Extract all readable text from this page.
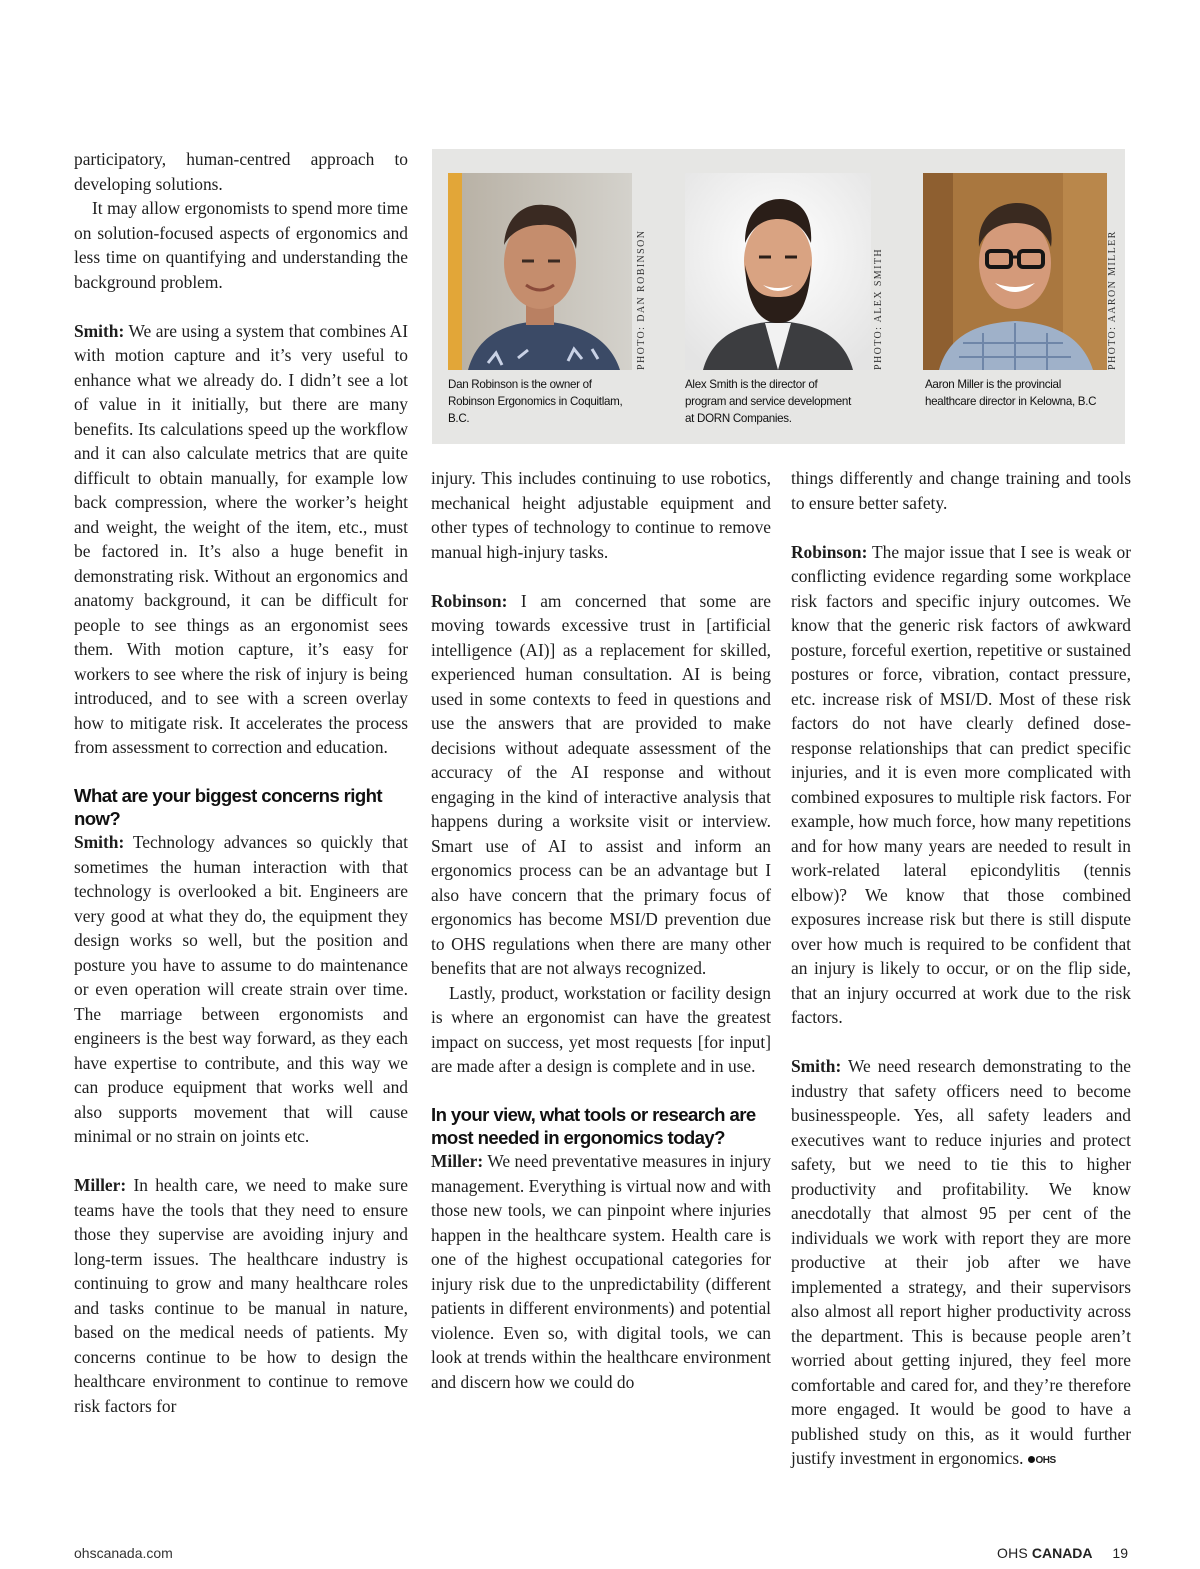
participatory, human-centred approach to developing solutions.

It may allow ergonomists to spend more time on solution-focused aspects of ergonomics and less time on quantifying and understanding the background problem.

Smith: We are using a system that combines AI with motion capture and it’s very useful to enhance what we already do. I didn’t see a lot of value in it initially, but there are many benefits. Its calculations speed up the workflow and it can also calculate metrics that are quite difficult to obtain manually, for example low back compression, where the worker’s height and weight, the weight of the item, etc., must be factored in. It’s also a huge benefit in demonstrating risk. Without an ergonomics and anatomy background, it can be difficult for people to see things as an ergonomist sees them. With motion capture, it’s easy for workers to see where the risk of injury is being introduced, and to see with a screen overlay how to mitigate risk. It accelerates the process from assessment to correction and education.

What are your biggest concerns right now?

Smith: Technology advances so quickly that sometimes the human interaction with that technology is overlooked a bit. Engineers are very good at what they do, the equipment they design works so well, but the position and posture you have to assume to do maintenance or even operation will create strain over time. The marriage between ergonomists and engineers is the best way forward, as they each have expertise to contribute, and this way we can produce equipment that works well and also supports movement that will cause minimal or no strain on joints etc.

Miller: In health care, we need to make sure teams have the tools that they need to ensure those they supervise are avoiding injury and long-term issues. The healthcare industry is continuing to grow and many healthcare roles and tasks continue to be manual in nature, based on the medical needs of patients. My concerns continue to be how to design the healthcare environment to continue to remove risk factors for

PHOTO: DAN ROBINSON
Dan Robinson is the owner of Robinson Ergonomics in Coquitlam, B.C.
PHOTO: ALEX SMITH
Alex Smith is the director of program and service development at DORN Companies.
PHOTO: AARON MILLER
Aaron Miller is the provincial healthcare director in Kelowna, B.C

injury. This includes continuing to use robotics, mechanical height adjustable equipment and other types of technology to continue to remove manual high-injury tasks.

Robinson: I am concerned that some are moving towards excessive trust in [artificial intelligence (AI)] as a replacement for skilled, experienced human consultation. AI is being used in some contexts to feed in questions and use the answers that are provided to make decisions without adequate assessment of the accuracy of the AI response and without engaging in the kind of interactive analysis that happens during a worksite visit or interview. Smart use of AI to assist and inform an ergonomics process can be an advantage but I also have concern that the primary focus of ergonomics has become MSI/D prevention due to OHS regulations when there are many other benefits that are not always recognized.

Lastly, product, workstation or facility design is where an ergonomist can have the greatest impact on success, yet most requests [for input] are made after a design is complete and in use.

In your view, what tools or research are most needed in ergonomics today?

Miller: We need preventative measures in injury management. Everything is virtual now and with those new tools, we can pinpoint where injuries happen in the healthcare system. Health care is one of the highest occupational categories for injury risk due to the unpredictability (different patients in different environments) and potential violence. Even so, with digital tools, we can look at trends within the healthcare environment and discern how we could do

things differently and change training and tools to ensure better safety.

Robinson: The major issue that I see is weak or conflicting evidence regarding some workplace risk factors and specific injury outcomes. We know that the generic risk factors of awkward posture, forceful exertion, repetitive or sustained postures or force, vibration, contact pressure, etc. increase risk of MSI/D. Most of these risk factors do not have clearly defined dose-response relationships that can predict specific injuries, and it is even more complicated with combined exposures to multiple risk factors. For example, how much force, how many repetitions and for how many years are needed to result in work-related lateral epicondylitis (tennis elbow)? We know that those combined exposures increase risk but there is still dispute over how much is required to be confident that an injury is likely to occur, or on the flip side, that an injury occurred at work due to the risk factors.

Smith: We need research demonstrating to the industry that safety officers need to become businesspeople. Yes, all safety leaders and executives want to reduce injuries and protect safety, but we need to tie this to higher productivity and profitability. We know anecdotally that almost 95 per cent of the individuals we work with report they are more productive at their job after we have implemented a strategy, and their supervisors also almost all report higher productivity across the department. This is because people aren’t worried about getting injured, they feel more comfortable and cared for, and they’re therefore more engaged. It would be good to have a published study on this, as it would further justify investment in ergonomics. OHS

ohscanada.com	OHS CANADA 19
